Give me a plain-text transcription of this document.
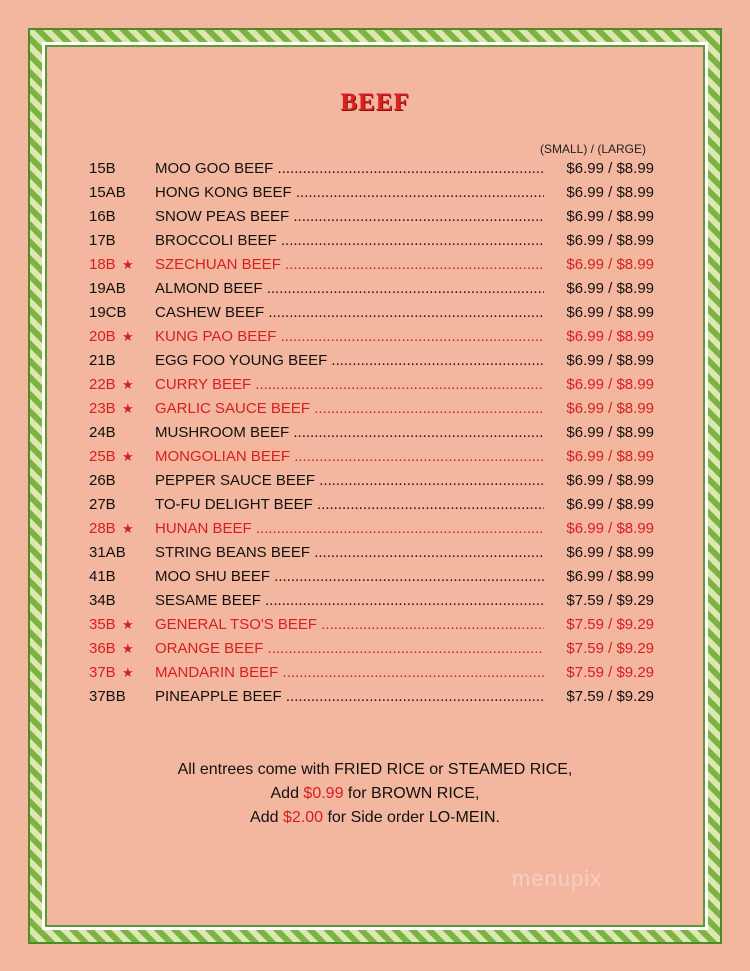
BEEF
(SMALL) / (LARGE)
15B	MOO GOO BEEF .....	$6.99 / $8.99
15AB HONG KONG BEEF .....	$6.99 / $8.99
16B	SNOW PEAS BEEF .....	$6.99 / $8.99
17B	BROCCOLI BEEF .....	$6.99 / $8.99
18B ★ SZECHUAN BEEF .....	$6.99 / $8.99
19AB ALMOND BEEF .....	$6.99 / $8.99
19CB CASHEW BEEF .....	$6.99 / $8.99
20B ★ KUNG PAO BEEF .....	$6.99 / $8.99
21B	EGG FOO YOUNG BEEF .....	$6.99 / $8.99
22B ★ CURRY BEEF .....	$6.99 / $8.99
23B ★ GARLIC SAUCE BEEF .....	$6.99 / $8.99
24B	MUSHROOM BEEF .....	$6.99 / $8.99
25B ★ MONGOLIAN BEEF .....	$6.99 / $8.99
26B	PEPPER SAUCE BEEF .....	$6.99 / $8.99
27B	TO-FU DELIGHT BEEF .....	$6.99 / $8.99
28B ★ HUNAN BEEF .....	$6.99 / $8.99
31AB STRING BEANS BEEF .....	$6.99 / $8.99
41B	MOO SHU BEEF .....	$6.99 / $8.99
34B	SESAME BEEF .....	$7.59 / $9.29
35B ★ GENERAL TSO'S BEEF .....	$7.59 / $9.29
36B ★ ORANGE BEEF .....	$7.59 / $9.29
37B ★ MANDARIN BEEF .....	$7.59 / $9.29
37BB PINEAPPLE BEEF .....	$7.59 / $9.29
All entrees come with FRIED RICE or STEAMED RICE,
Add $0.99 for BROWN RICE,
Add $2.00 for Side order LO-MEIN.
menupix
